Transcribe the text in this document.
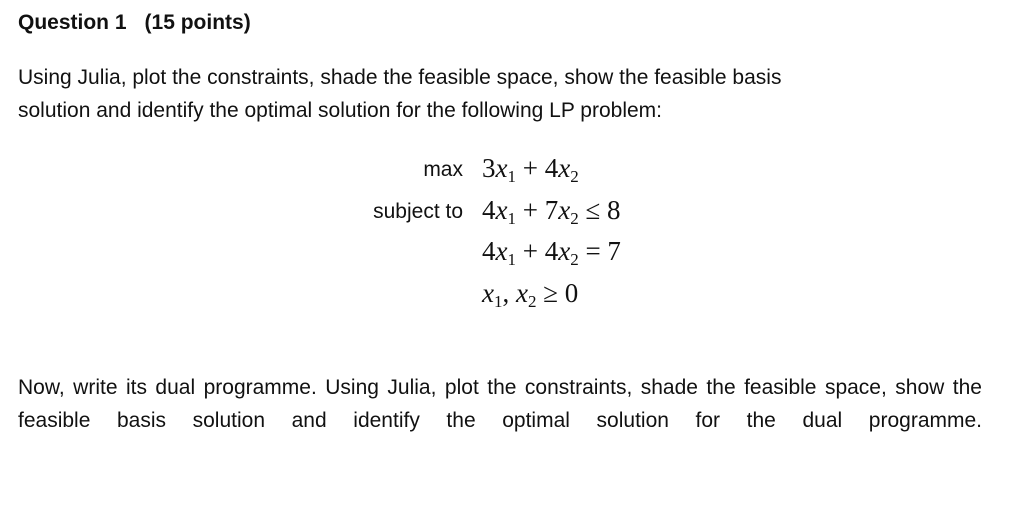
Question 1 (15 points)

Using Julia, plot the constraints, shade the feasible space, show the feasible basis
solution and identify the optimal solution for the following LP problem:

max
subject to
$3x_1 + 4x_2$
$4x_1 + 7x_2 \le 8$
$4x_1 + 4x_2 = 7$
$x_1$, $x_2 \ge 0$

Now, write its dual programme. Using Julia, plot the constraints, shade the feasible space, show the feasible basis solution and identify the optimal solution for the dual programme.
